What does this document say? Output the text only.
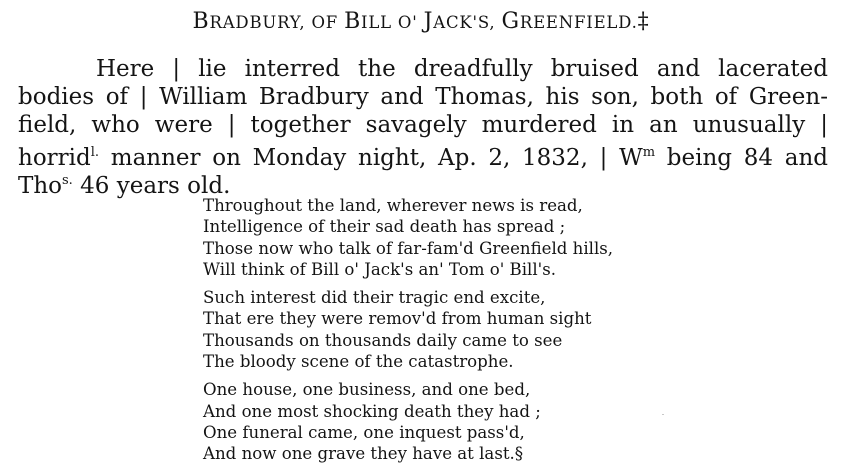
BRADBURY, OF BILL O' JACK'S, GREENFIELD.‡
Here | lie interred the dreadfully bruised and lacerated
bodies of | William Bradbury and Thomas, his son, both of Green-
field, who were | together savagely murdered in an unusually |
horrid$^{l.}$ manner on Monday night, Ap. 2, 1832, | $W^m$ being 84 and
Tho$^{s.}$ 46 years old.
Throughout the land, wherever news is read,
Intelligence of their sad death has spread ;
Those now who talk of far-fam'd Greenfield hills,
Will think of Bill o' Jack's an' Tom o' Bill's.
Such interest did their tragic end excite,
That ere they were remov'd from human sight
Thousands on thousands daily came to see
The bloody scene of the catastrophe.
One house, one business, and one bed,
And one most shocking death they had ;
One funeral came, one inquest pass'd,
And now one grave they have at last.§
